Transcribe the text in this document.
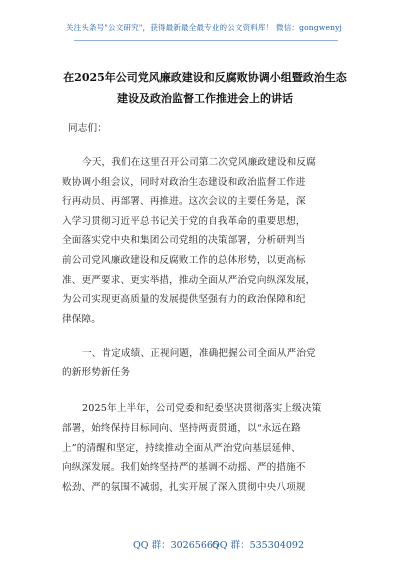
关注头条号"公文研究"，获得最新最全最专业的公文资料库！ 微信：gongwenyj
在2025年公司党风廉政建设和反腐败协调小组暨政治生态
建设及政治监督工作推进会上的讲话
同志们：
今天，我们在这里召开公司第二次党风廉政建设和反腐
败协调小组会议，同时对政治生态建设和政治监督工作进
行再动员、再部署、再推进。这次会议的主要任务是，深
入学习贯彻习近平总书记关于党的自我革命的重要思想，
全面落实党中央和集团公司党组的决策部署，分析研判当
前公司党风廉政建设和反腐败工作的总体形势，以更高标
准、更严要求、更实举措，推动全面从严治党向纵深发展，
为公司实现更高质量的发展提供坚强有力的政治保障和纪
律保障。
一、肯定成绩、正视问题，准确把握公司全面从严治党
的新形势新任务
2025年上半年，公司党委和纪委坚决贯彻落实上级决策
部署，始终保持目标同向、坚持两责贯通，以“永远在路
上”的清醒和坚定，持续推动全面从严治党向基层延伸、
向纵深发展。我们始终坚持严的基调不动摇、严的措施不
松劲、严的氛围不减弱，扎实开展了深入贯彻中央八项规
QQ 群：30265665
QQ 群：535304092
